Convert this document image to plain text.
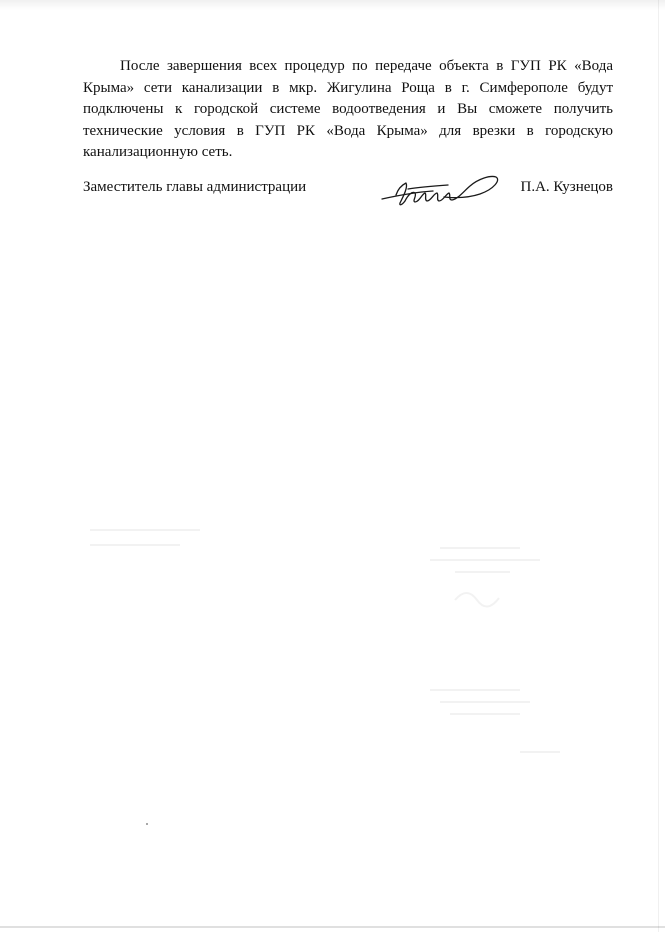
После завершения всех процедур по передаче объекта в ГУП РК «Вода Крыма» сети канализации в мкр. Жигулина Роща в г. Симферополе будут подключены к городской системе водоотведения и Вы сможете получить технические условия в ГУП РК «Вода Крыма» для врезки в городскую канализационную сеть.

Заместитель главы администрации	П.А. Кузнецов
